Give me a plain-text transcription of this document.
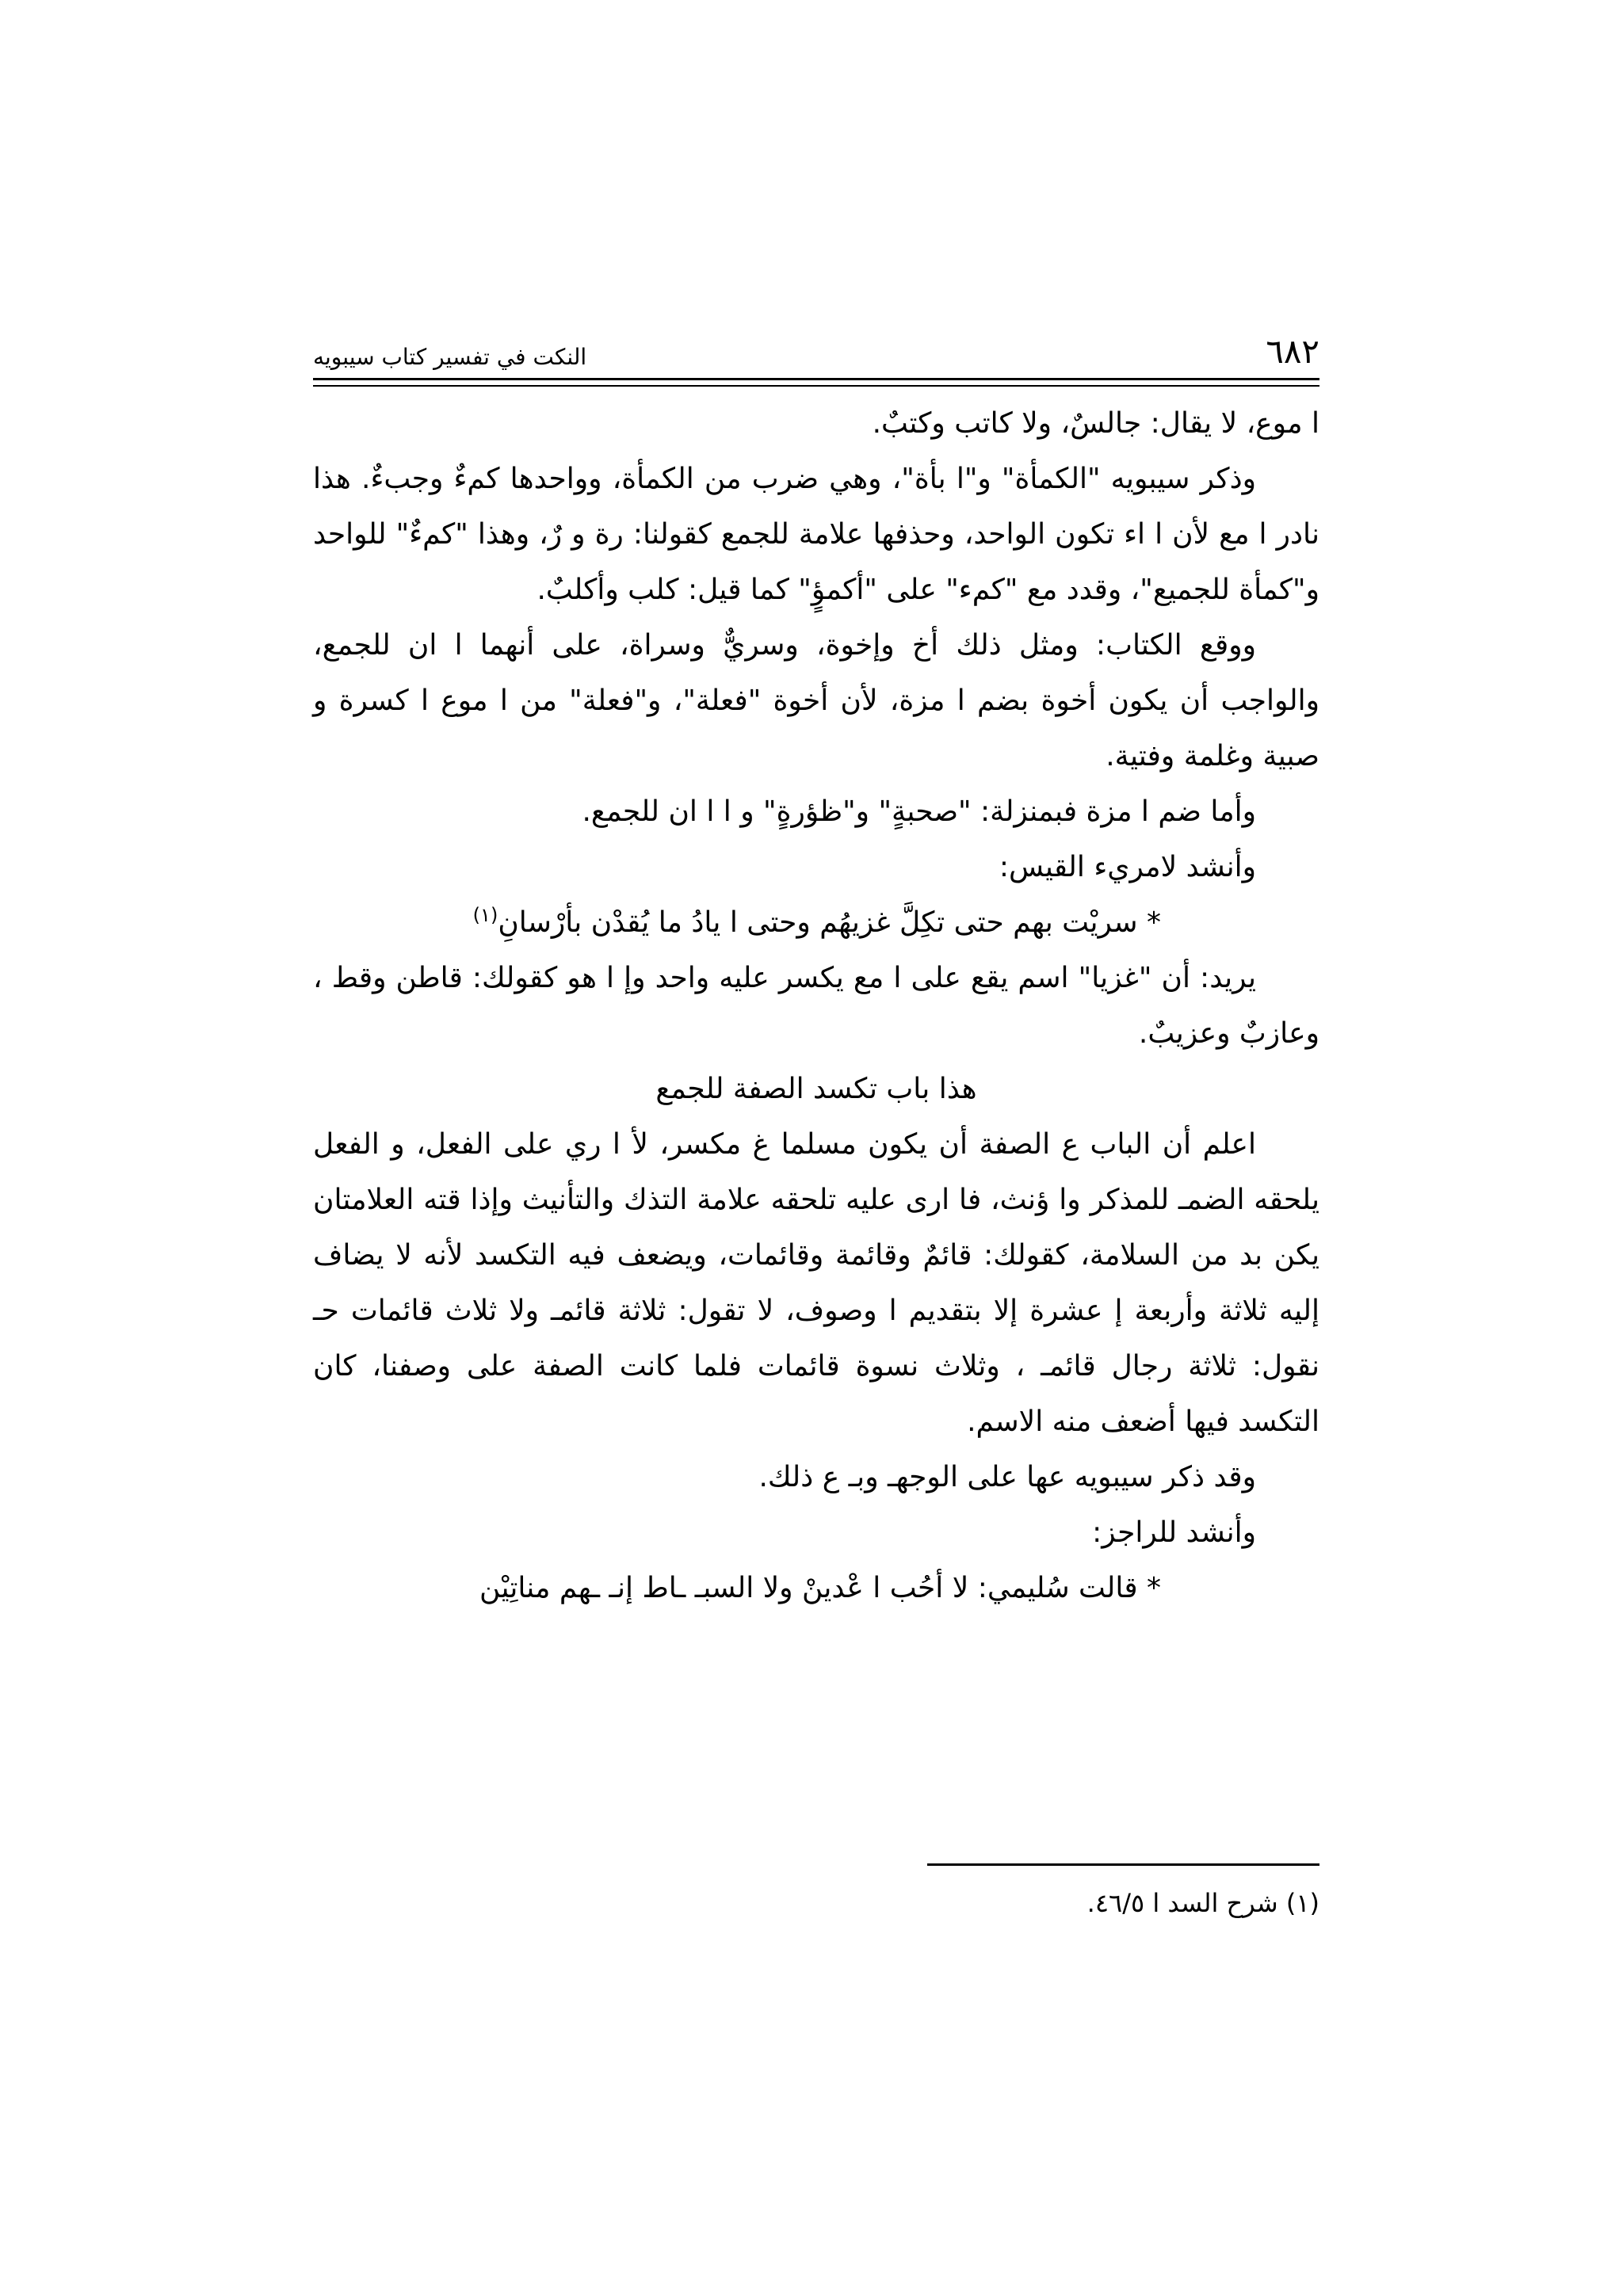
٦٨٢
النكت في تفسير كتاب سيبويه

ا موع، لا يقال: جالسٌ، ولا كاتب وكتبٌ.

وذكر سيبويه "الكمأة" و"ا بأة"، وهي ضرب من الكمأة، وواحدها كمءٌ وجبءٌ. هذا نادر ا مع لأن ا اء تكون الواحد، وحذفها علامة للجمع كقولنا: رة و رٌ، وهذا "كمءٌ" للواحد و"كمأة للجميع"، وقدد مع "كمء" على "أكمؤٍ" كما قيل: كلب وأكلبٌ.

ووقع الكتاب: ومثل ذلك أخ وإخوة، وسريٌّ وسراة، على أنهما ا ان للجمع، والواجب أن يكون أخوة بضم ا مزة، لأن أخوة "فعلة"، و"فعلة" من ا موع ا كسرة و صبية وغلمة وفتية.

وأما ضم ا مزة فبمنزلة: "صحبةٍ" و"ظؤرةٍ" و ا ا ان للجمع.

وأنشد لامريء القيس:

* سريْت بهم حتى تكِلَّ غزيهُم وحتى ا يادُ ما يُقدْن بأرْسانِ$^{(١)}$

يريد: أن "غزيا" اسم يقع على ا مع يكسر عليه واحد وإ ا هو كقولك: قاطن وقط ، وعازبٌ وعزيبٌ.

هذا باب تكسد الصفة للجمع

اعلم أن الباب ع الصفة أن يكون مسلما غ مكسر، لأ ا ري على الفعل، و الفعل يلحقه الضمـ للمذكر وا ؤنث، فا ارى عليه تلحقه علامة التذك والتأنيث وإذا قته العلامتان يكن بد من السلامة، كقولك: قائمٌ وقائمة وقائمات، ويضعف فيه التكسد لأنه لا يضاف إليه ثلاثة وأربعة إ عشرة إلا بتقديم ا وصوف، لا تقول: ثلاثة قائمـ ولا ثلاث قائمات حـ نقول: ثلاثة رجال قائمـ ، وثلاث نسوة قائمات فلما كانت الصفة على وصفنا، كان التكسد فيها أضعف منه الاسم.

وقد ذكر سيبويه عها على الوجهـ وبـ ع ذلك.

وأنشد للراجز:

* قالت سُليمي: لا أحُب ا عْدينْ ولا السبـ ـاط إنـ ـهم مناتِيْن

(١) شرح السد ا ٤٦/٥.
